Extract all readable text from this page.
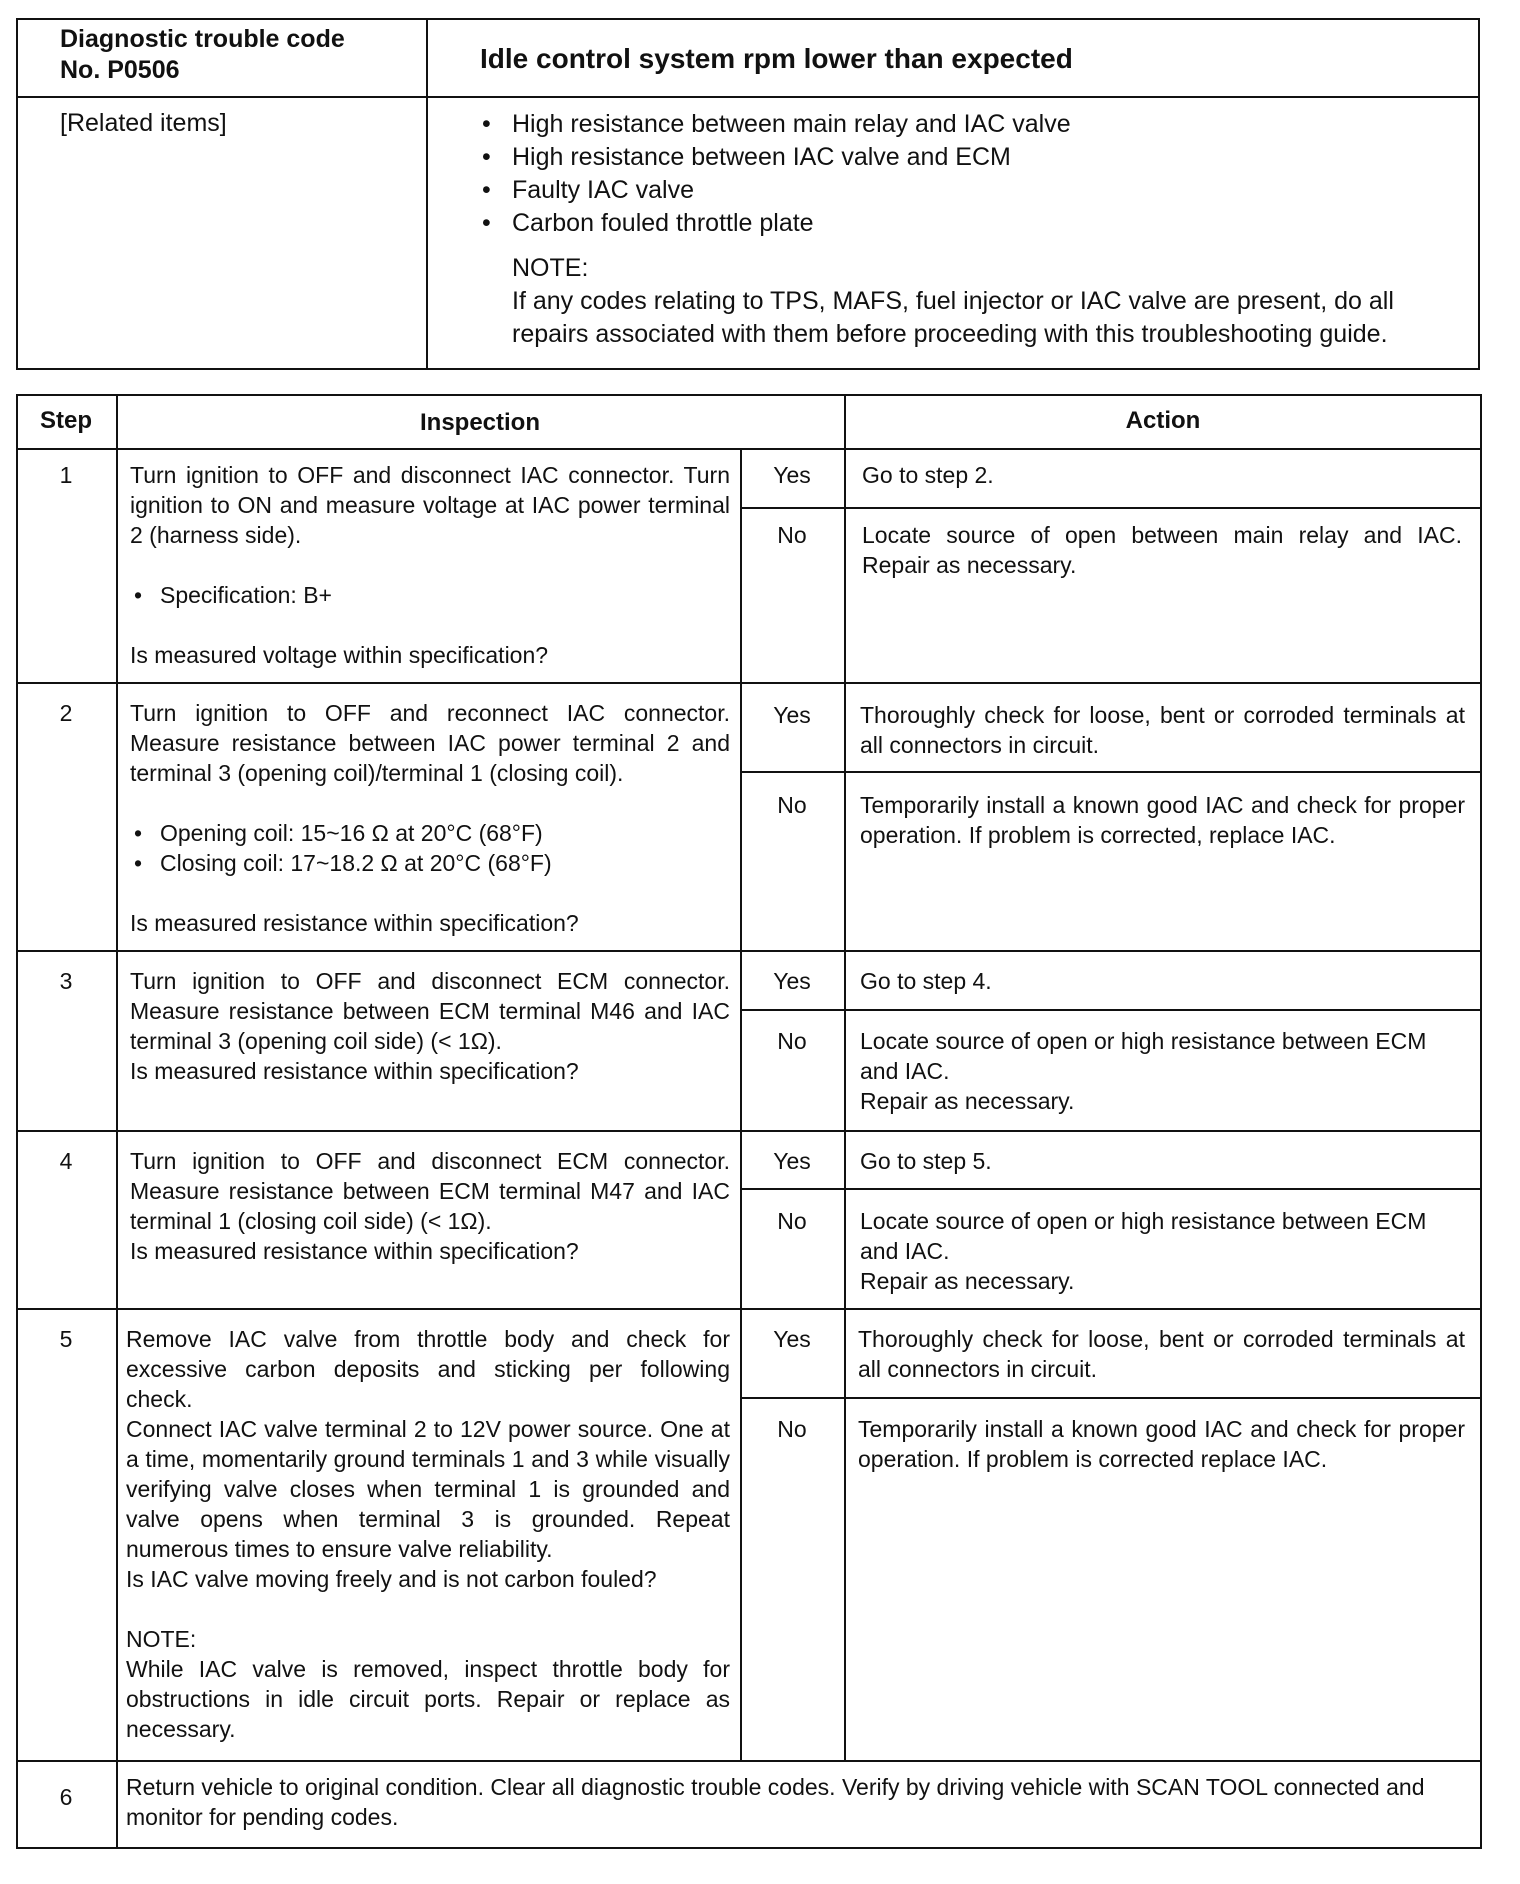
Diagnostic trouble code
No. P0506	Idle control system rpm lower than expected
[Related items]
•	High resistance between main relay and IAC valve
• High resistance between IAC valve and ECM
• Faulty IAC valve
• Carbon fouled throttle plate

NOTE:

If any codes relating to TPS, MAFS, fuel injector or IAC valve are present, do all repairs associated with them before proceeding with this troubleshooting guide.

Step	Inspection	Action
1	Turn ignition to OFF and disconnect IAC connector. Turn ignition to ON and measure voltage at IAC power terminal 2 (harness side).

• Specification: B+

Is measured voltage within specification?

Yes
No
Go to step 2.
Locate source of open between main relay and IAC. Repair as necessary.
2	Turn ignition to OFF and reconnect IAC connector. Measure resistance between IAC power terminal 2 and terminal 3 (opening coil)/terminal 1 (closing coil).

• Opening coil: 15~16 Ω at 20°C (68°F)
• Closing coil: 17~18.2 Ω at 20°C (68°F)

Is measured resistance within specification?

Yes
No
Thoroughly check for loose, bent or corroded terminals at all connectors in circuit.
Temporarily install a known good IAC and check for proper operation. If problem is corrected, replace IAC.
3	Turn ignition to OFF and disconnect ECM connector. Measure resistance between ECM terminal M46 and IAC terminal 3 (opening coil side) (< 1Ω).
Is measured resistance within specification?

Yes
No
Go to step 4.

Locate source of open or high resistance between ECM and IAC.
Repair as necessary.

4	Turn ignition to OFF and disconnect ECM connector. Measure resistance between ECM terminal M47 and IAC terminal 1 (closing coil side) (< 1Ω).
Is measured resistance within specification?

Yes
No
Go to step 5.

Locate source of open or high resistance between ECM and IAC.
Repair as necessary.

5	Remove IAC valve from throttle body and check for excessive carbon deposits and sticking per following check.
Connect IAC valve terminal 2 to 12V power source. One at a time, momentarily ground terminals 1 and 3 while visually verifying valve closes when terminal 1 is grounded and valve opens when terminal 3 is grounded. Repeat numerous times to ensure valve reliability.
Is IAC valve moving freely and is not carbon fouled?

NOTE:

While IAC valve is removed, inspect throttle body for obstructions in idle circuit ports. Repair or replace as necessary.

Yes
No
Thoroughly check for loose, bent or corroded terminals at all connectors in circuit.
Temporarily install a known good IAC and check for proper operation. If problem is corrected replace IAC.
6	Return vehicle to original condition. Clear all diagnostic trouble codes. Verify by driving vehicle with SCAN TOOL connected and monitor for pending codes.
